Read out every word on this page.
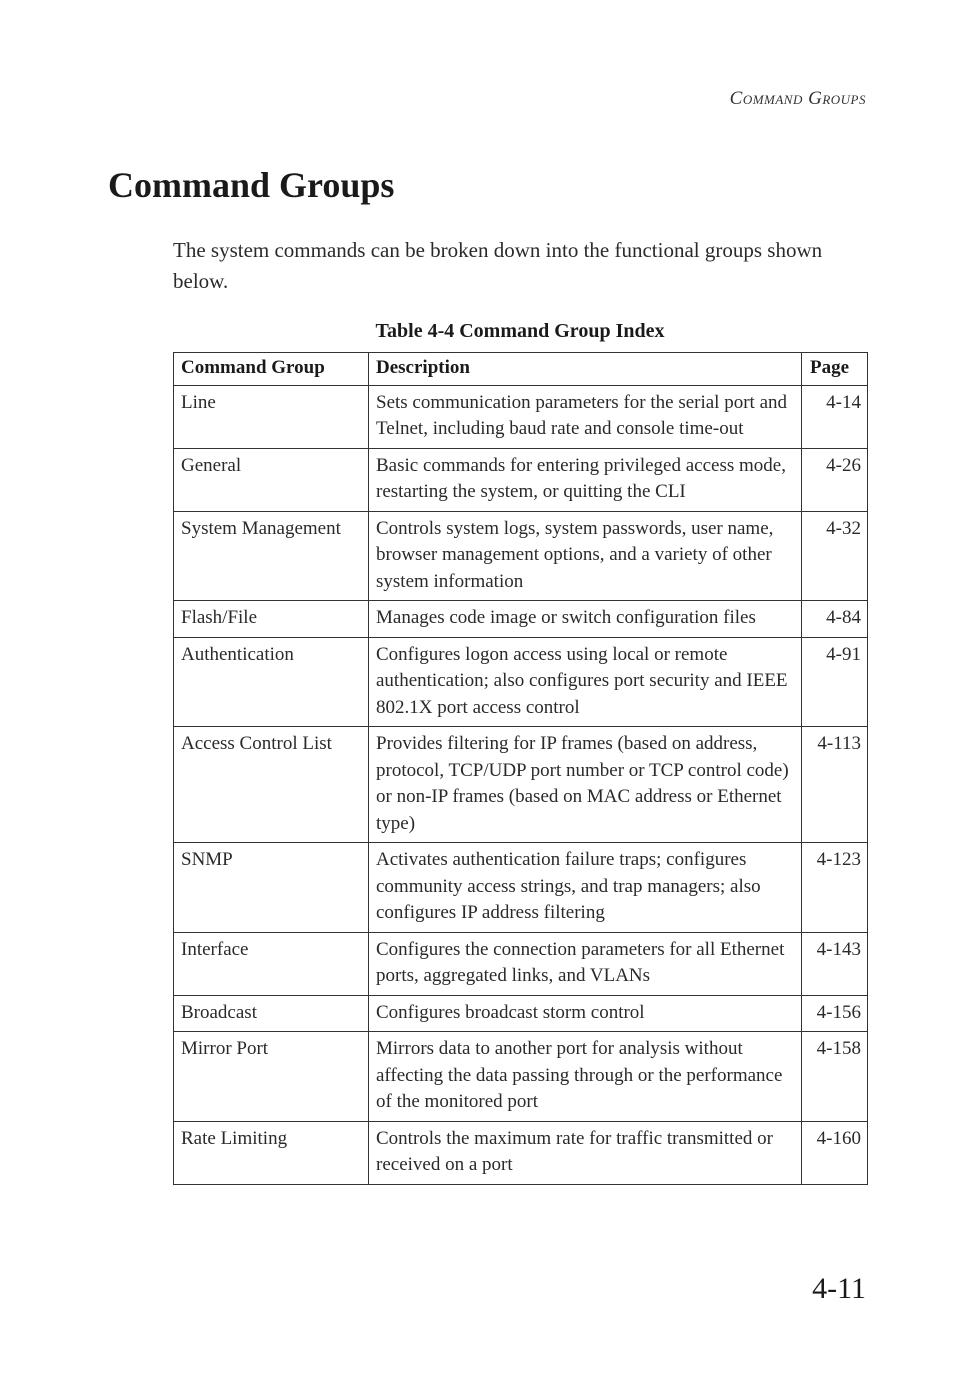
Command Groups
Command Groups

The system commands can be broken down into the functional groups shown below.

Table 4-4 Command Group Index
Command Group	Description	Page
Line	Sets communication parameters for the serial port and Telnet, including baud rate and console time-out	4-14
General	Basic commands for entering privileged access mode, restarting the system, or quitting the CLI	4-26
System Management	Controls system logs, system passwords, user name, browser management options, and a variety of other system information	4-32
Flash/File	Manages code image or switch configuration files	4-84
Authentication	Configures logon access using local or remote authentication; also configures port security and IEEE 802.1X port access control	4-91
Access Control List	Provides filtering for IP frames (based on address, protocol, TCP/UDP port number or TCP control code) or non-IP frames (based on MAC address or Ethernet type)	4-113
SNMP	Activates authentication failure traps; configures community access strings, and trap managers; also configures IP address filtering	4-123
Interface	Configures the connection parameters for all Ethernet ports, aggregated links, and VLANs	4-143
Broadcast	Configures broadcast storm control	4-156
Mirror Port	Mirrors data to another port for analysis without affecting the data passing through or the performance of the monitored port	4-158
Rate Limiting	Controls the maximum rate for traffic transmitted or received on a port	4-160
4-11
